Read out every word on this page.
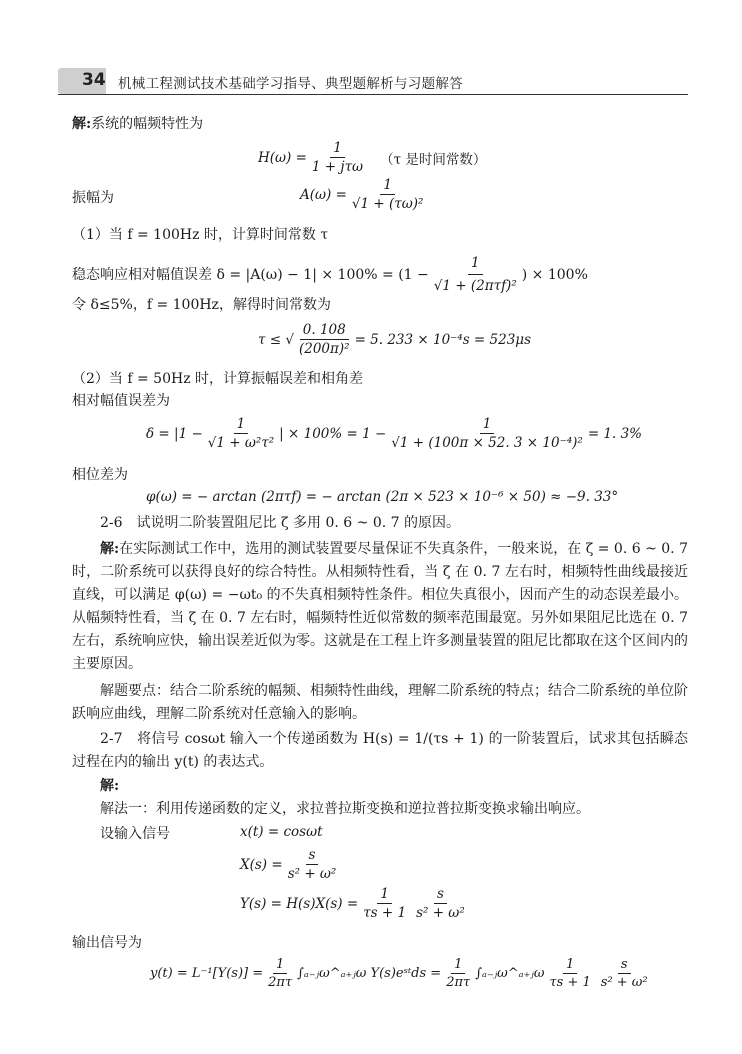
34 机械工程测试技术基础学习指导、典型题解析与习题解答
解:系统的幅频特性为
$H(\omega) = \frac{1}{\text{1 + jτω}} (\tau$ 是时间常数）
振幅为	$A(\omega) = \frac{1}{\text{√1 + (τω)²}}$
（1）当 f = 100Hz 时，计算时间常数 τ
稳态响应相对幅值误差 $\delta = |A(\omega) - 1| \times 100\% = (1 - \frac{1}{\text{√1 + (2πτf)²}}$ ) × 100%
令 δ≤5%，f = 100Hz，解得时间常数为
τ ≤ √ $\frac{0. 108}{\text{(200π)²}} = 5$. 233 × 10⁻⁴s = 523μs
（2）当 f = 50Hz 时，计算振幅误差和相角差
相对幅值误差为
$\delta = |1 - \frac{1}{\text{√1 + ω²τ²}}$ | × $100\% = 1 - \frac{1}{\text{√1 + (100π × 52. 3 × 10⁻⁴)²}} = 1$. 3%
相位差为
φ(ω) = − arctan (2πτf) = − arctan (2π × 523 × 10⁻⁶ × 50) ≈ −9. 33°
2-6　试说明二阶装置阻尼比 ζ 多用 0. 6 ~ 0. 7 的原因。
解:在实际测试工作中，选用的测试装置要尽量保证不失真条件，一般来说，在 ζ = 0. 6 ~ 0. 7 时，二阶系统可以获得良好的综合特性。从相频特性看，当 ζ 在 0. 7 左右时，相频特性曲线最接近直线，可以满足 φ(ω) = −ωt₀ 的不失真相频特性条件。相位失真很小，因而产生的动态误差最小。从幅频特性看，当 ζ 在 0. 7 左右时，幅频特性近似常数的频率范围最宽。另外如果阻尼比选在 0. 7 左右，系统响应快，输出误差近似为零。这就是在工程上许多测量装置的阻尼比都取在这个区间内的主要原因。
解题要点：结合二阶系统的幅频、相频特性曲线，理解二阶系统的特点；结合二阶系统的单位阶跃响应曲线，理解二阶系统对任意输入的影响。
2-7　将信号 cosωt 输入一个传递函数为 H(s) = 1/(τs + 1) 的一阶装置后，试求其包括瞬态过程在内的输出 y(t) 的表达式。
解:
解法一：利用传递函数的定义，求拉普拉斯变换和逆拉普拉斯变换求输出响应。
设输入信号	x(t) = cosωt
$X(s) = \frac{s}{\text{s² + ω²}}$
$Y(s) = H(s)X(s) = \frac{1}{\tau s + 1} \frac{s}{\text{s² + ω²}}$
输出信号为
$y(t) = L^{-1}[Y(s)] = \frac{1}{2\pi\tau}$ ∫ₐ₋ⱼω^ₐ₊ⱼω Y(s)eˢᵗds = $\frac{1}{2\pi\tau}$ ∫ₐ₋ⱼω^ₐ₊ⱼω $\frac{1}{\tau s + 1} \frac{s}{\text{s² + ω²}}$
